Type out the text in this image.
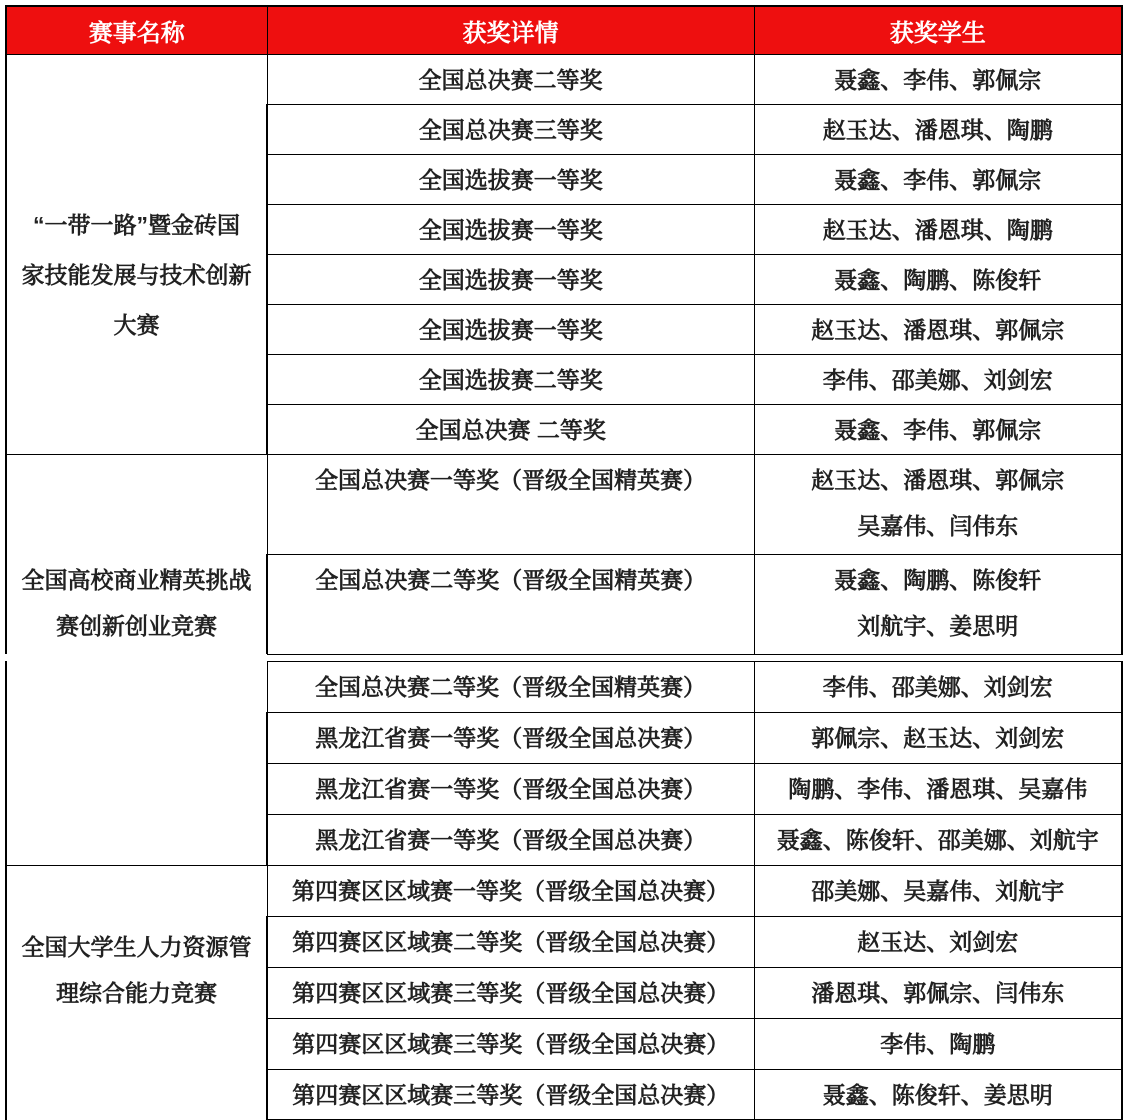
赛事名称	获奖详情	获奖学生

“一带一路”暨金砖国
家技能发展与技术创新
大赛	全国总决赛二等奖	聂鑫、李伟、郭佩宗

	全国总决赛三等奖	赵玉达、潘恩琪、陶鹏

	全国选拔赛一等奖	聂鑫、李伟、郭佩宗

	全国选拔赛一等奖	赵玉达、潘恩琪、陶鹏

	全国选拔赛一等奖	聂鑫、陶鹏、陈俊轩

	全国选拔赛一等奖	赵玉达、潘恩琪、郭佩宗

	全国选拔赛二等奖	李伟、邵美娜、刘剑宏

	全国总决赛 二等奖	聂鑫、李伟、郭佩宗

全国高校商业精英挑战
赛创新创业竞赛
	全国总决赛一等奖（晋级全国精英赛）	赵玉达、潘恩琪、郭佩宗
吴嘉伟、闫伟东

	全国总决赛二等奖（晋级全国精英赛）	聂鑫、陶鹏、陈俊轩
刘航宇、姜思明

	全国总决赛二等奖（晋级全国精英赛）	李伟、邵美娜、刘剑宏

	黑龙江省赛一等奖（晋级全国总决赛）	郭佩宗、赵玉达、刘剑宏

	黑龙江省赛一等奖（晋级全国总决赛）	陶鹏、李伟、潘恩琪、吴嘉伟

	黑龙江省赛一等奖（晋级全国总决赛）	聂鑫、陈俊轩、邵美娜、刘航宇

全国大学生人力资源管
理综合能力竞赛	第四赛区区域赛一等奖（晋级全国总决赛）	邵美娜、吴嘉伟、刘航宇

	第四赛区区域赛二等奖（晋级全国总决赛）	赵玉达、刘剑宏

	第四赛区区域赛三等奖（晋级全国总决赛）	潘恩琪、郭佩宗、闫伟东

	第四赛区区域赛三等奖（晋级全国总决赛）	李伟、陶鹏

	第四赛区区域赛三等奖（晋级全国总决赛）	聂鑫、陈俊轩、姜思明
